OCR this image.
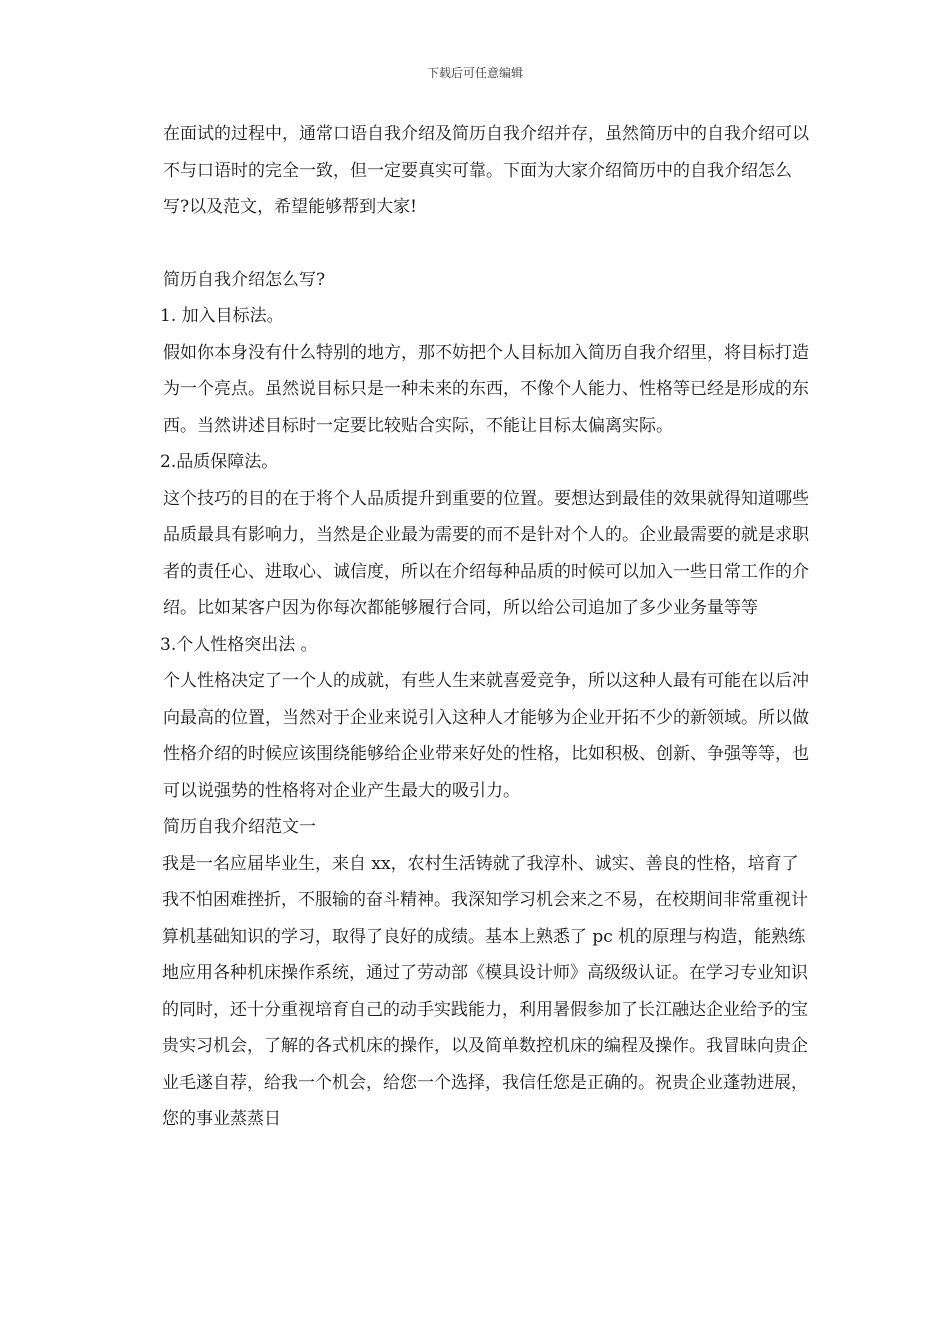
下载后可任意编辑

在面试的过程中，通常口语自我介绍及简历自我介绍并存，虽然简历中的自我介绍可以不与口语时的完全一致，但一定要真实可靠。下面为大家介绍简历中的自我介绍怎么写?以及范文，希望能够帮到大家!

简历自我介绍怎么写?

1. 加入目标法。

假如你本身没有什么特别的地方，那不妨把个人目标加入简历自我介绍里，将目标打造为一个亮点。虽然说目标只是一种未来的东西，不像个人能力、性格等已经是形成的东西。当然讲述目标时一定要比较贴合实际，不能让目标太偏离实际。

2.品质保障法。

这个技巧的目的在于将个人品质提升到重要的位置。要想达到最佳的效果就得知道哪些品质最具有影响力，当然是企业最为需要的而不是针对个人的。企业最需要的就是求职者的责任心、进取心、诚信度，所以在介绍每种品质的时候可以加入一些日常工作的介绍。比如某客户因为你每次都能够履行合同，所以给公司追加了多少业务量等等

3.个人性格突出法 。

个人性格决定了一个人的成就，有些人生来就喜爱竞争，所以这种人最有可能在以后冲向最高的位置，当然对于企业来说引入这种人才能够为企业开拓不少的新领域。所以做性格介绍的时候应该围绕能够给企业带来好处的性格，比如积极、创新、争强等等，也可以说强势的性格将对企业产生最大的吸引力。

简历自我介绍范文一

我是一名应届毕业生，来自 xx，农村生活铸就了我淳朴、诚实、善良的性格，培育了我不怕困难挫折，不服输的奋斗精神。我深知学习机会来之不易，在校期间非常重视计算机基础知识的学习，取得了良好的成绩。基本上熟悉了 pc 机的原理与构造，能熟练地应用各种机床操作系统，通过了劳动部《模具设计师》高级级认证。在学习专业知识的同时，还十分重视培育自己的动手实践能力，利用暑假参加了长江融达企业给予的宝贵实习机会，了解的各式机床的操作，以及简单数控机床的编程及操作。我冒昧向贵企业毛遂自荐，给我一个机会，给您一个选择，我信任您是正确的。祝贵企业蓬勃进展，您的事业蒸蒸日
